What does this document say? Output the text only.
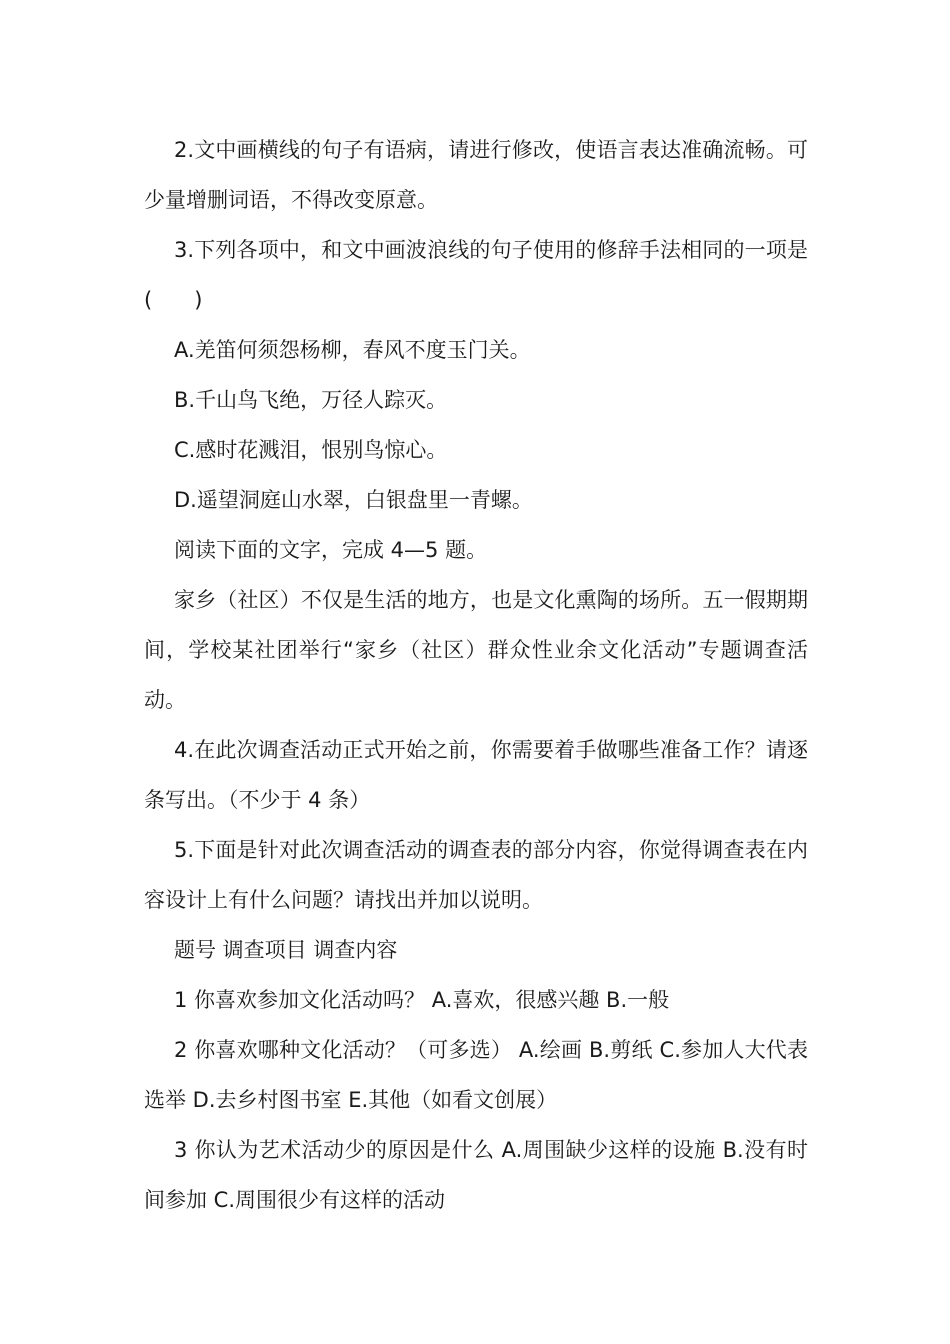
2.文中画横线的句子有语病，请进行修改，使语言表达准确流畅。可少量增删词语，不得改变原意。

3.下列各项中，和文中画波浪线的句子使用的修辞手法相同的一项是(　　)

A.羌笛何须怨杨柳，春风不度玉门关。

B.千山鸟飞绝，万径人踪灭。

C.感时花溅泪，恨别鸟惊心。

D.遥望洞庭山水翠，白银盘里一青螺。

阅读下面的文字，完成 4—5 题。

家乡（社区）不仅是生活的地方，也是文化熏陶的场所。五一假期期间，学校某社团举行“家乡（社区）群众性业余文化活动”专题调查活动。

4.在此次调查活动正式开始之前，你需要着手做哪些准备工作？请逐条写出。（不少于 4 条）

5.下面是针对此次调查活动的调查表的部分内容，你觉得调查表在内容设计上有什么问题？请找出并加以说明。

题号 调查项目 调查内容

1 你喜欢参加文化活动吗？ A.喜欢，很感兴趣 B.一般

2 你喜欢哪种文化活动？（可多选） A.绘画 B.剪纸 C.参加人大代表选举 D.去乡村图书室 E.其他（如看文创展）

3 你认为艺术活动少的原因是什么 A.周围缺少这样的设施 B.没有时间参加 C.周围很少有这样的活动
